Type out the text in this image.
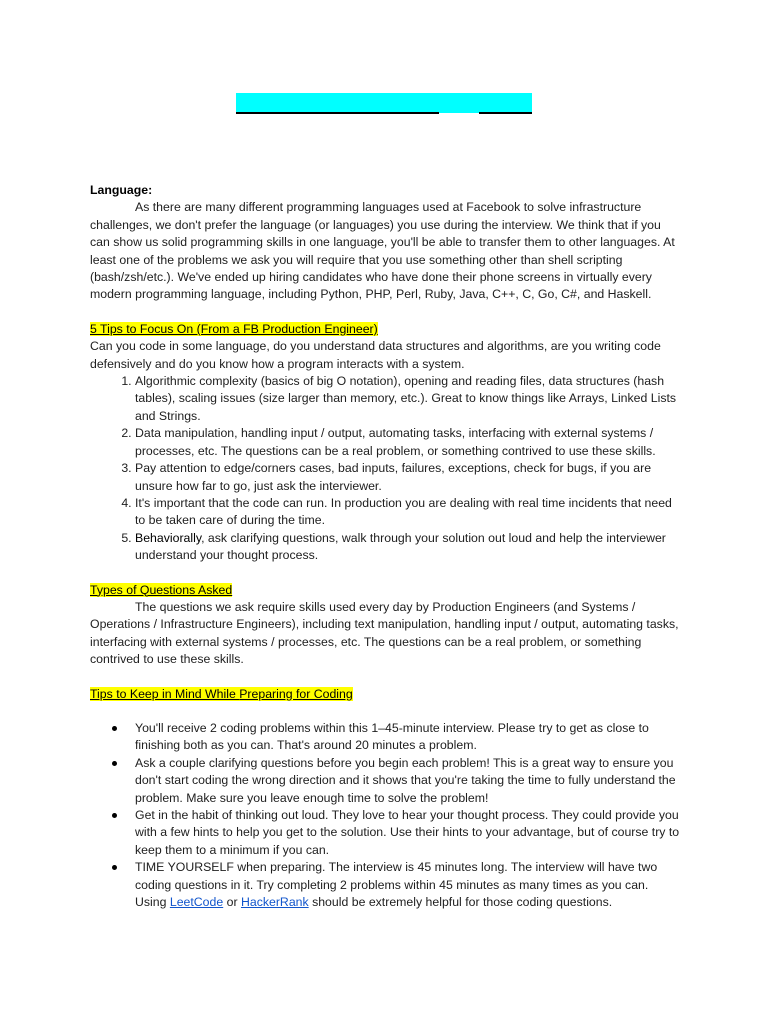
Language:

As there are many different programming languages used at Facebook to solve infrastructure challenges, we don't prefer the language (or languages) you use during the interview. We think that if you can show us solid programming skills in one language, you'll be able to transfer them to other languages. At least one of the problems we ask you will require that you use something other than shell scripting (bash/zsh/etc.). We've ended up hiring candidates who have done their phone screens in virtually every modern programming language, including Python, PHP, Perl, Ruby, Java, C++, C, Go, C#, and Haskell.

5 Tips to Focus On (From a FB Production Engineer)

Can you code in some language, do you understand data structures and algorithms, are you writing code defensively and do you know how a program interacts with a system.

1. Algorithmic complexity (basics of big O notation), opening and reading files, data structures (hash tables), scaling issues (size larger than memory, etc.). Great to know things like Arrays, Linked Lists and Strings.
2. Data manipulation, handling input / output, automating tasks, interfacing with external systems / processes, etc. The questions can be a real problem, or something contrived to use these skills.
3. Pay attention to edge/corners cases, bad inputs, failures, exceptions, check for bugs, if you are unsure how far to go, just ask the interviewer.
4. It's important that the code can run. In production you are dealing with real time incidents that need to be taken care of during the time.
5. Behaviorally, ask clarifying questions, walk through your solution out loud and help the interviewer understand your thought process.
Types of Questions Asked

The questions we ask require skills used every day by Production Engineers (and Systems / Operations / Infrastructure Engineers), including text manipulation, handling input / output, automating tasks, interfacing with external systems / processes, etc. The questions can be a real problem, or something contrived to use these skills.

Tips to Keep in Mind While Preparing for Coding
You'll receive 2 coding problems within this 1–45-minute interview. Please try to get as close to finishing both as you can. That's around 20 minutes a problem.
Ask a couple clarifying questions before you begin each problem! This is a great way to ensure you don't start coding the wrong direction and it shows that you're taking the time to fully understand the problem. Make sure you leave enough time to solve the problem!
Get in the habit of thinking out loud. They love to hear your thought process. They could provide you with a few hints to help you get to the solution. Use their hints to your advantage, but of course try to keep them to a minimum if you can.
TIME YOURSELF when preparing. The interview is 45 minutes long. The interview will have two coding questions in it. Try completing 2 problems within 45 minutes as many times as you can. Using LeetCode or HackerRank should be extremely helpful for those coding questions.
